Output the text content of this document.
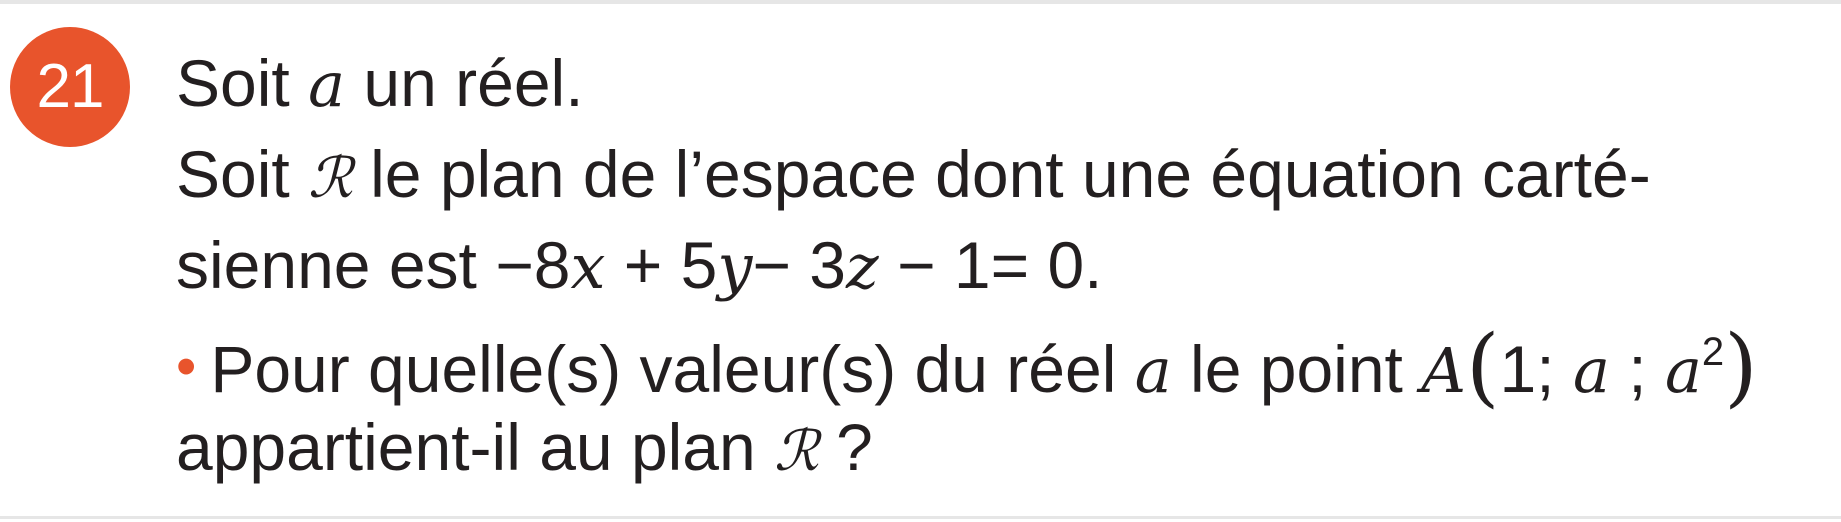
21	Soit a un réel.
Soit ℛ le plan de l’espace dont une équation carté-
sienne est −8x + 5y− 3z − 1= 0.
• Pour quelle(s) valeur(s) du réel a le point A(1; a ; $a^2$)
appartient-il au plan ℛ ?
